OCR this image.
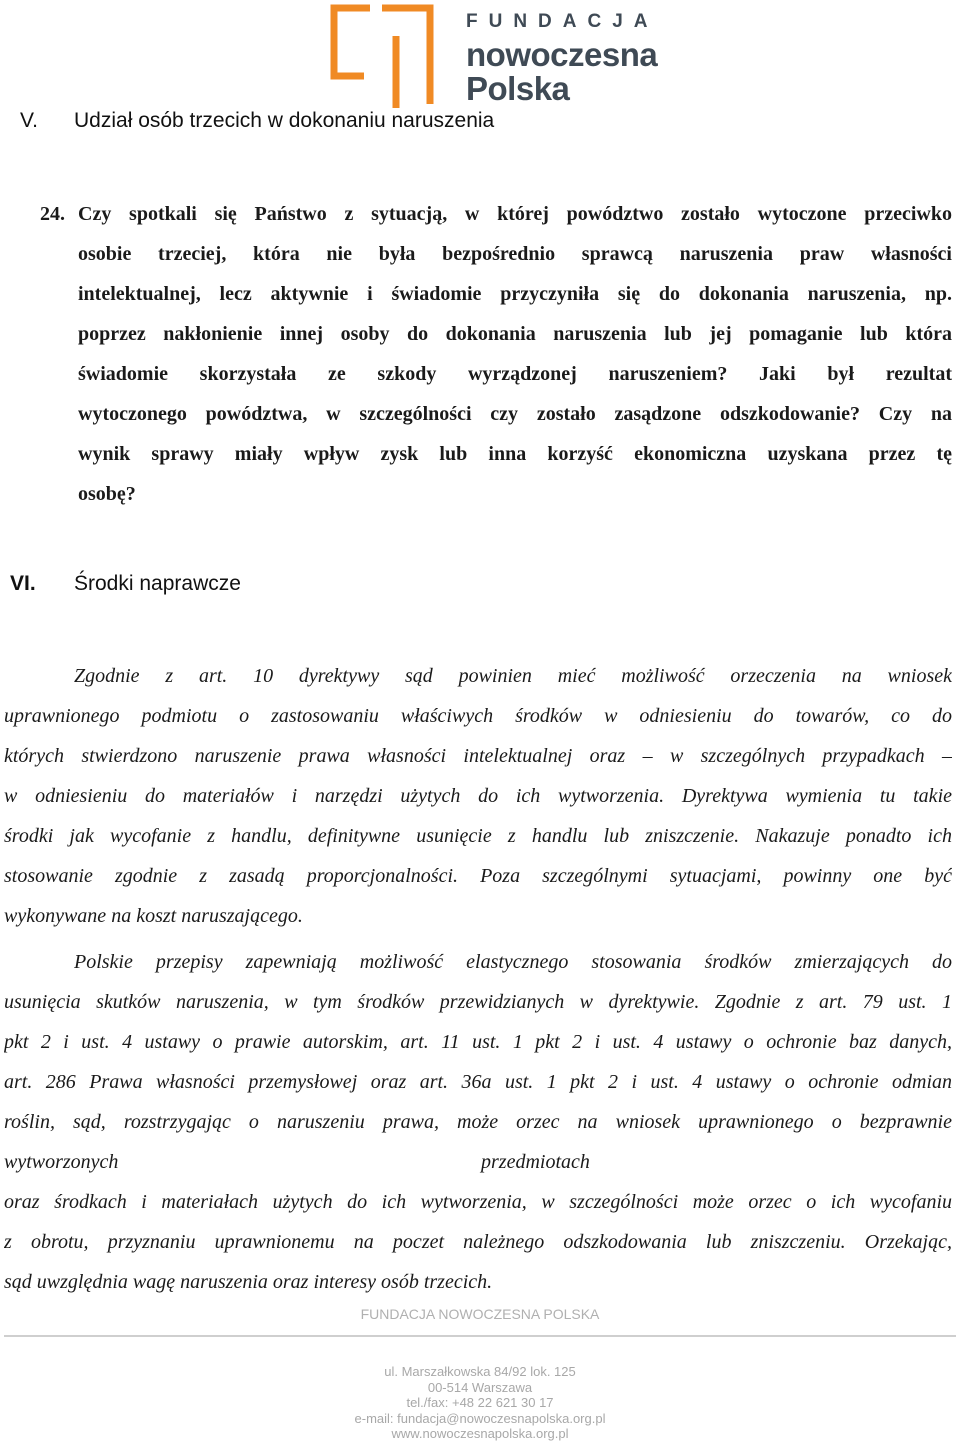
FUNDACJA
nowoczesna
Polska
V. Udział osób trzecich w dokonaniu naruszenia
24. Czy spotkali się Państwo z sytuacją, w której powództwo zostało wytoczone przeciwko
osobie trzeciej, która nie była bezpośrednio sprawcą naruszenia praw własności
intelektualnej, lecz aktywnie i świadomie przyczyniła się do dokonania naruszenia, np.
poprzez nakłonienie innej osoby do dokonania naruszenia lub jej pomaganie lub która
świadomie skorzystała ze szkody wyrządzonej naruszeniem? Jaki był rezultat
wytoczonego powództwa, w szczególności czy zostało zasądzone odszkodowanie? Czy na
wynik sprawy miały wpływ zysk lub inna korzyść ekonomiczna uzyskana przez tę
osobę?
VI. Środki naprawcze
Zgodnie z art. 10 dyrektywy sąd powinien mieć możliwość orzeczenia na wniosek
uprawnionego podmiotu o zastosowaniu właściwych środków w odniesieniu do towarów, co do
których stwierdzono naruszenie prawa własności intelektualnej oraz – w szczególnych przypadkach –
w odniesieniu do materiałów i narzędzi użytych do ich wytworzenia. Dyrektywa wymienia tu takie
środki jak wycofanie z handlu, definitywne usunięcie z handlu lub zniszczenie. Nakazuje ponadto ich
stosowanie zgodnie z zasadą proporcjonalności. Poza szczególnymi sytuacjami, powinny one być
wykonywane na koszt naruszającego.
Polskie przepisy zapewniają możliwość elastycznego stosowania środków zmierzających do
usunięcia skutków naruszenia, w tym środków przewidzianych w dyrektywie. Zgodnie z art. 79 ust. 1
pkt 2 i ust. 4 ustawy o prawie autorskim, art. 11 ust. 1 pkt 2 i ust. 4 ustawy o ochronie baz danych,
art. 286 Prawa własności przemysłowej oraz art. 36a ust. 1 pkt 2 i ust. 4 ustawy o ochronie odmian
roślin, sąd, rozstrzygając o naruszeniu prawa, może orzec na wniosek uprawnionego o bezprawnie
wytworzonych	przedmiotach
oraz środkach i materiałach użytych do ich wytworzenia, w szczególności może orzec o ich wycofaniu
z obrotu, przyznaniu uprawnionemu na poczet należnego odszkodowania lub zniszczeniu. Orzekając,
sąd uwzględnia wagę naruszenia oraz interesy osób trzecich.
FUNDACJA NOWOCZESNA POLSKA
ul. Marszałkowska 84/92 lok. 125
00-514 Warszawa
tel./fax: +48 22 621 30 17
e-mail: fundacja@nowoczesnapolska.org.pl
www.nowoczesnapolska.org.pl
